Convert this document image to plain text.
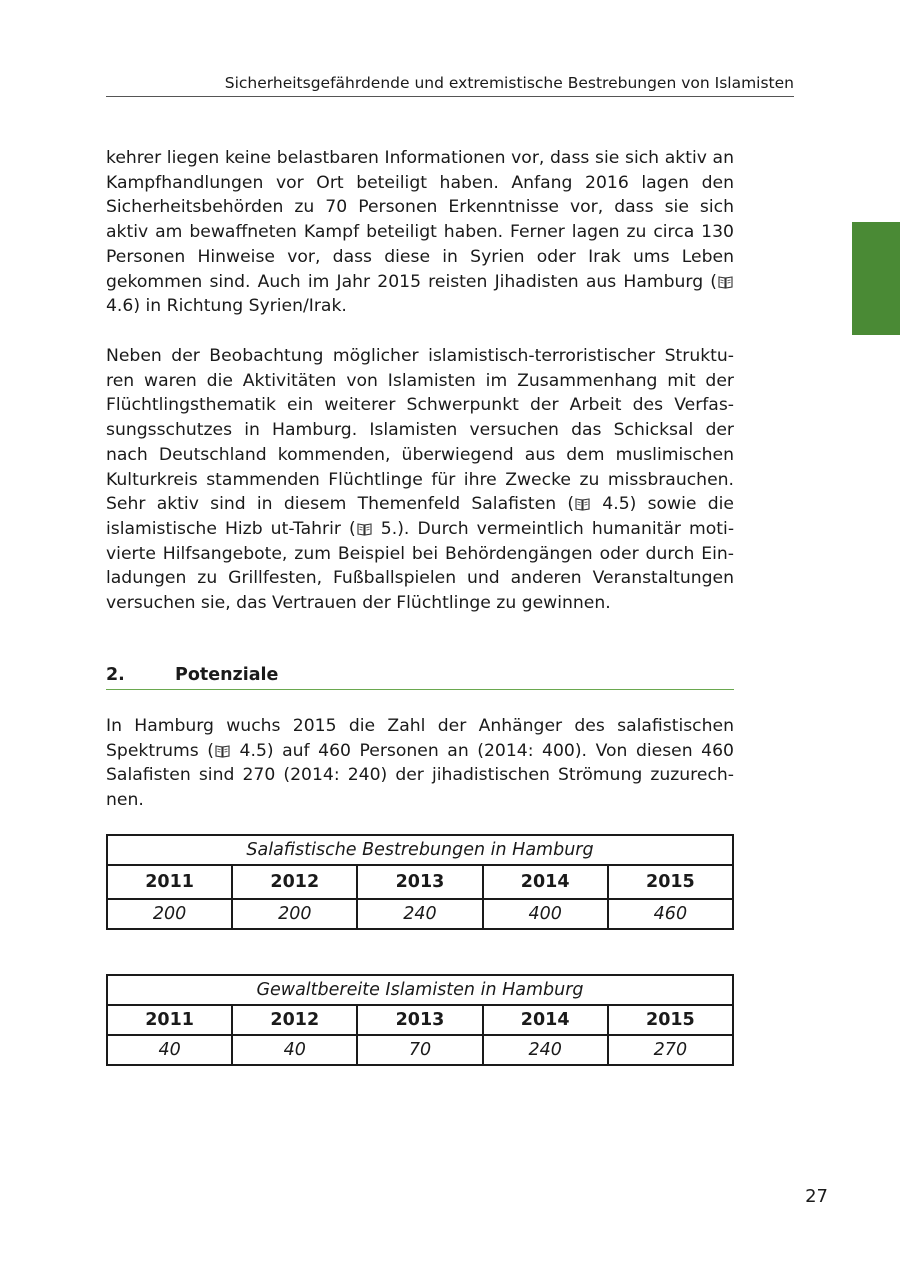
Sicherheitsgefährdende und extremistische Bestrebungen von Islamisten

kehrer liegen keine belastbaren Informationen vor, dass sie sich aktiv an Kampfhandlungen vor Ort beteiligt haben. Anfang 2016 lagen den Sicherheitsbehörden zu 70 Personen Erkenntnisse vor, dass sie sich aktiv am bewaffneten Kampf beteiligt haben. Ferner lagen zu circa 130 Personen Hinweise vor, dass diese in Syrien oder Irak ums Leben gekommen sind. Auch im Jahr 2015 reisten Jihadisten aus Hamburg (
4.6) in Richtung Syrien/Irak.

Neben der Beobachtung möglicher islamistisch-terroristischer Strukturen waren die Aktivitäten von Islamisten im Zusammenhang mit der Flüchtlingsthematik ein weiterer Schwerpunkt der Arbeit des Verfassungsschutzes in Hamburg. Islamisten versuchen das Schicksal der nach Deutschland kommenden, überwiegend aus dem muslimischen Kulturkreis stammenden Flüchtlinge für ihre Zwecke zu missbrauchen. Sehr aktiv sind in diesem Themenfeld Salafisten (
4.5) sowie die islamistische Hizb ut-Tahrir (
5.). Durch vermeintlich humanitär motivierte Hilfsangebote, zum Beispiel bei Behördengängen oder durch Einladungen zu Grillfesten, Fußballspielen und anderen Veranstaltungen versuchen sie, das Vertrauen der Flüchtlinge zu gewinnen.

2.	Potenziale

In Hamburg wuchs 2015 die Zahl der Anhänger des salafistischen Spektrums (
4.5) auf 460 Personen an (2014: 400). Von diesen 460 Salafisten sind 270 (2014: 240) der jihadistischen Strömung zuzurechnen.

Salafistische Bestrebungen in Hamburg				
2011	2012	2013	2014	2015
200	200	240	400	460
Gewaltbereite Islamisten in Hamburg				
2011	2012	2013	2014	2015
40	40	70	240	270
27
